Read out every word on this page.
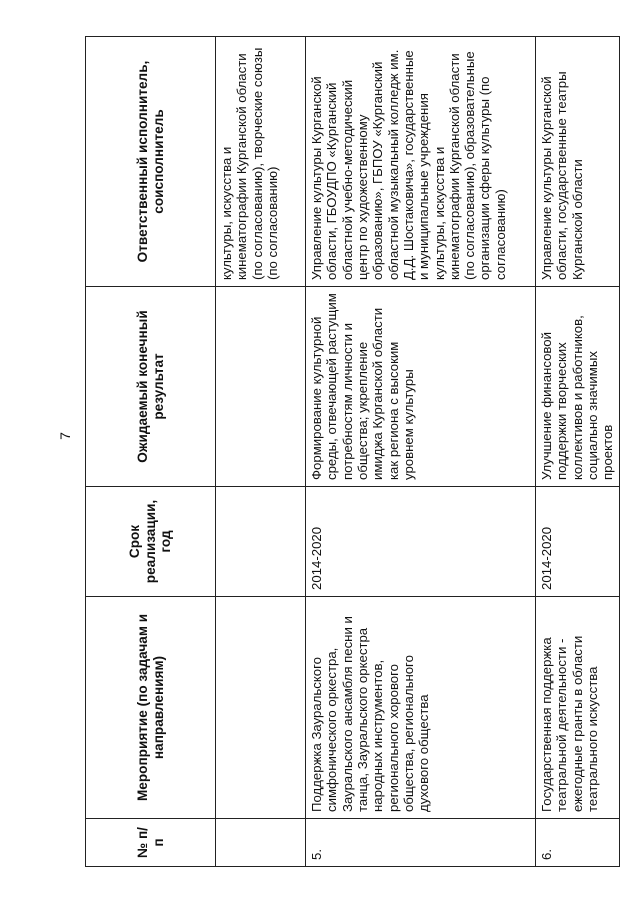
7
№ п/п	Мероприятие (по задачам и направлениям)	Срок реализации, год	Ожидаемый конечный результат	Ответственный исполнитель, соисполнитель
				культуры, искусства и кинематографии Курганской области (по согласованию), творческие союзы (по согласованию)
5.	Поддержка Зауральского симфонического оркестра, Зауральского ансамбля песни и танца, Зауральского оркестра народных инструментов, регионального хорового общества, регионального духового общества	2014-2020	Формирование культурной среды, отвечающей растущим потребностям личности и общества; укрепление имиджа Курганской области как региона с высоким уровнем культуры	Управление культуры Курганской области, ГБОУДПО «Курганский областной учебно-методический центр по художественному образованию», ГБПОУ «Курганский областной музыкальный колледж им. Д.Д. Шостаковича», государственные и муниципальные учреждения культуры, искусства и кинематографии Курганской области (по согласованию), образовательные организации сферы культуры (по согласованию)
6.	Государственная поддержка театральной деятельности - ежегодные гранты в области театрального искусства	2014-2020	Улучшение финансовой поддержки творческих коллективов и работников, социально значимых проектов	Управление культуры Курганской области, государственные театры Курганской области
